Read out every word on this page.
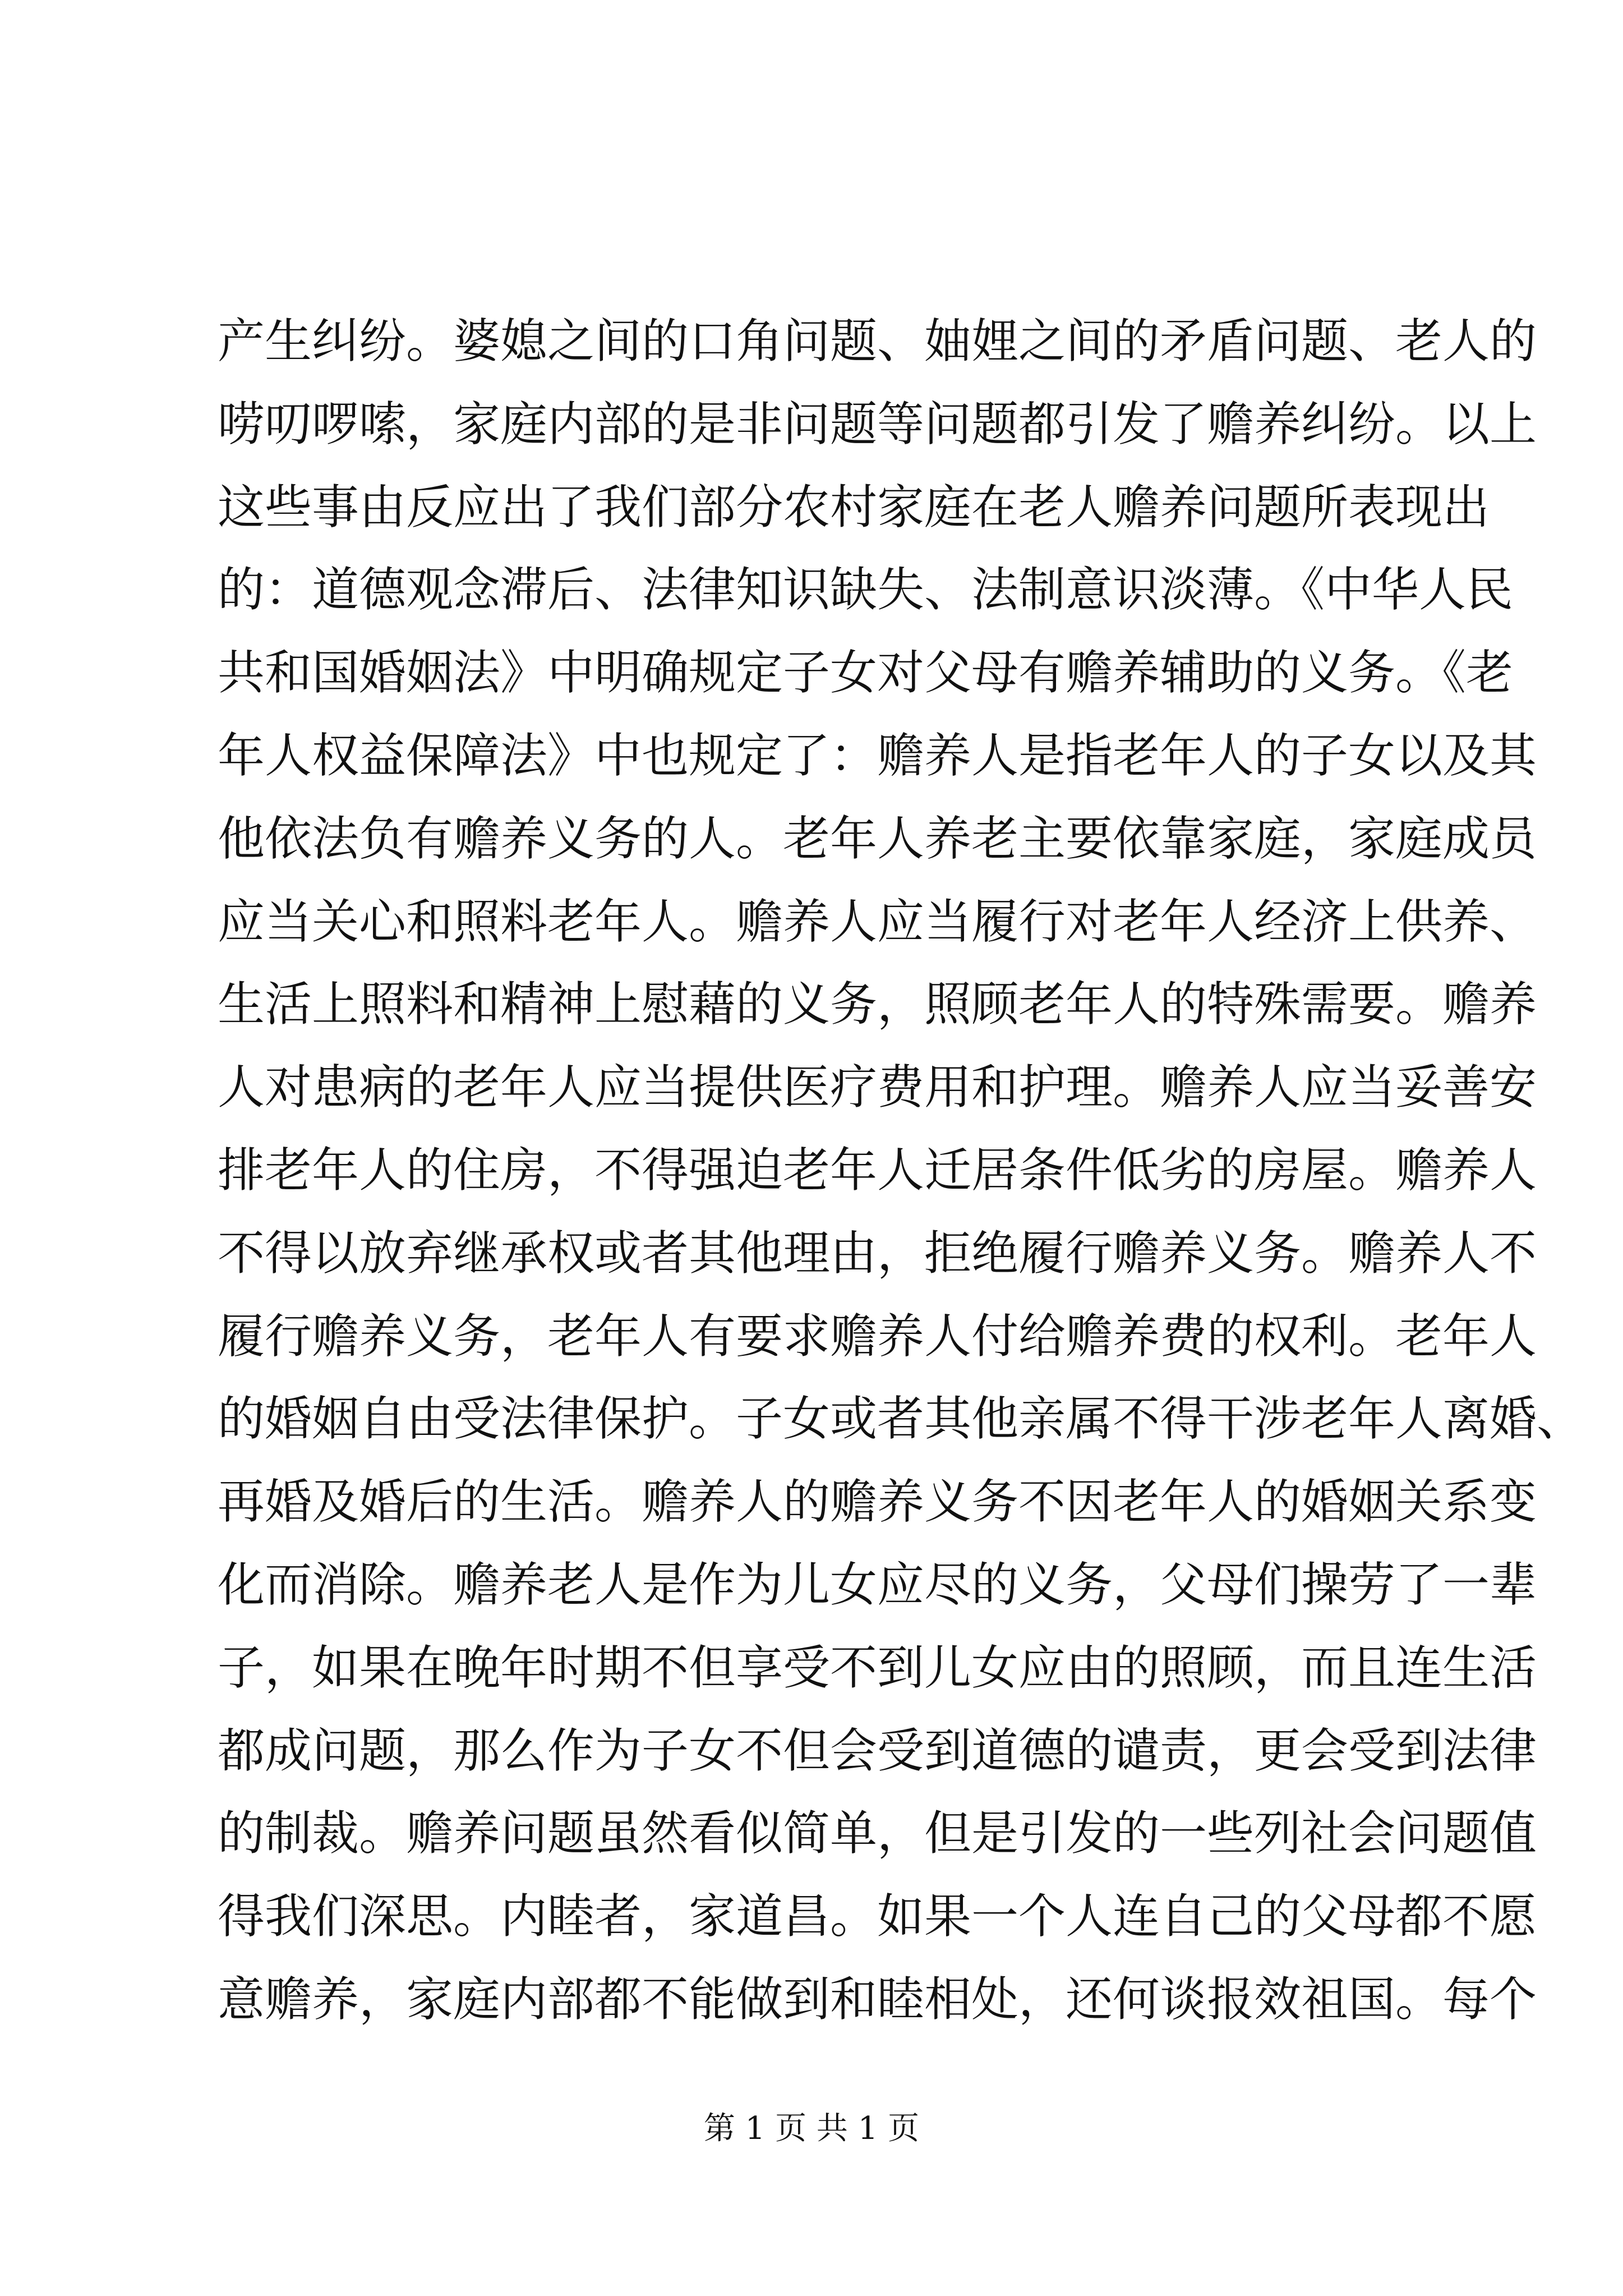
产生纠纷。婆媳之间的口角问题、妯娌之间的矛盾问题、老人的
唠叨啰嗦，家庭内部的是非问题等问题都引发了赡养纠纷。以上
这些事由反应出了我们部分农村家庭在老人赡养问题所表现出
的：道德观念滞后、法律知识缺失、法制意识淡薄。《中华人民
共和国婚姻法》中明确规定子女对父母有赡养辅助的义务。《老
年人权益保障法》中也规定了：赡养人是指老年人的子女以及其
他依法负有赡养义务的人。老年人养老主要依靠家庭，家庭成员
应当关心和照料老年人。赡养人应当履行对老年人经济上供养、
生活上照料和精神上慰藉的义务，照顾老年人的特殊需要。赡养
人对患病的老年人应当提供医疗费用和护理。赡养人应当妥善安
排老年人的住房，不得强迫老年人迁居条件低劣的房屋。赡养人
不得以放弃继承权或者其他理由，拒绝履行赡养义务。赡养人不
履行赡养义务，老年人有要求赡养人付给赡养费的权利。老年人
的婚姻自由受法律保护。子女或者其他亲属不得干涉老年人离婚、
再婚及婚后的生活。赡养人的赡养义务不因老年人的婚姻关系变
化而消除。赡养老人是作为儿女应尽的义务，父母们操劳了一辈
子，如果在晚年时期不但享受不到儿女应由的照顾，而且连生活
都成问题，那么作为子女不但会受到道德的谴责，更会受到法律
的制裁。赡养问题虽然看似简单，但是引发的一些列社会问题值
得我们深思。内睦者，家道昌。如果一个人连自己的父母都不愿
意赡养，家庭内部都不能做到和睦相处，还何谈报效祖国。每个
第 1 页 共 1 页
